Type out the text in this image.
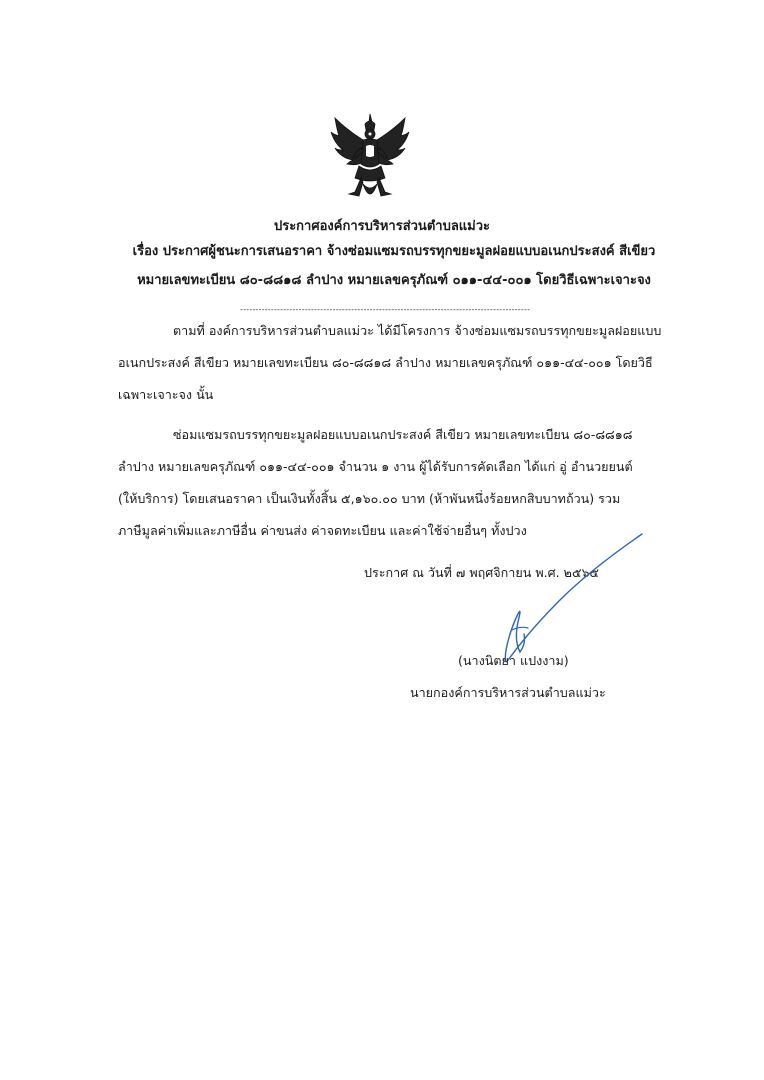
ประกาศองค์การบริหารส่วนตำบลแม่วะ
เรื่อง ประกาศผู้ชนะการเสนอราคา จ้างซ่อมแซมรถบรรทุกขยะมูลฝอยแบบอเนกประสงค์ สีเขียว
หมายเลขทะเบียน ๘๐-๘๘๑๘ ลำปาง หมายเลขครุภัณฑ์ ๐๑๑-๔๔-๐๐๑ โดยวิธีเฉพาะเจาะจง
----------------------------------------------------------------------------------------------
ตามที่ องค์การบริหารส่วนตำบลแม่วะ ได้มีโครงการ จ้างซ่อมแซมรถบรรทุกขยะมูลฝอยแบบ
อเนกประสงค์ สีเขียว หมายเลขทะเบียน ๘๐-๘๘๑๘ ลำปาง หมายเลขครุภัณฑ์ ๐๑๑-๔๔-๐๐๑ โดยวิธี
เฉพาะเจาะจง นั้น
ซ่อมแซมรถบรรทุกขยะมูลฝอยแบบอเนกประสงค์ สีเขียว หมายเลขทะเบียน ๘๐-๘๘๑๘
ลำปาง หมายเลขครุภัณฑ์ ๐๑๑-๔๔-๐๐๑ จำนวน ๑ งาน ผู้ได้รับการคัดเลือก ได้แก่ อู่ อำนวยยนต์
(ให้บริการ) โดยเสนอราคา เป็นเงินทั้งสิ้น ๕,๑๖๐.๐๐ บาท (ห้าพันหนึ่งร้อยหกสิบบาทถ้วน) รวม
ภาษีมูลค่าเพิ่มและภาษีอื่น ค่าขนส่ง ค่าจดทะเบียน และค่าใช้จ่ายอื่นๆ ทั้งปวง
ประกาศ ณ วันที่ ๗ พฤศจิกายน พ.ศ. ๒๕๖๕
(นางนิตยา แปงงาม)
นายกองค์การบริหารส่วนตำบลแม่วะ
